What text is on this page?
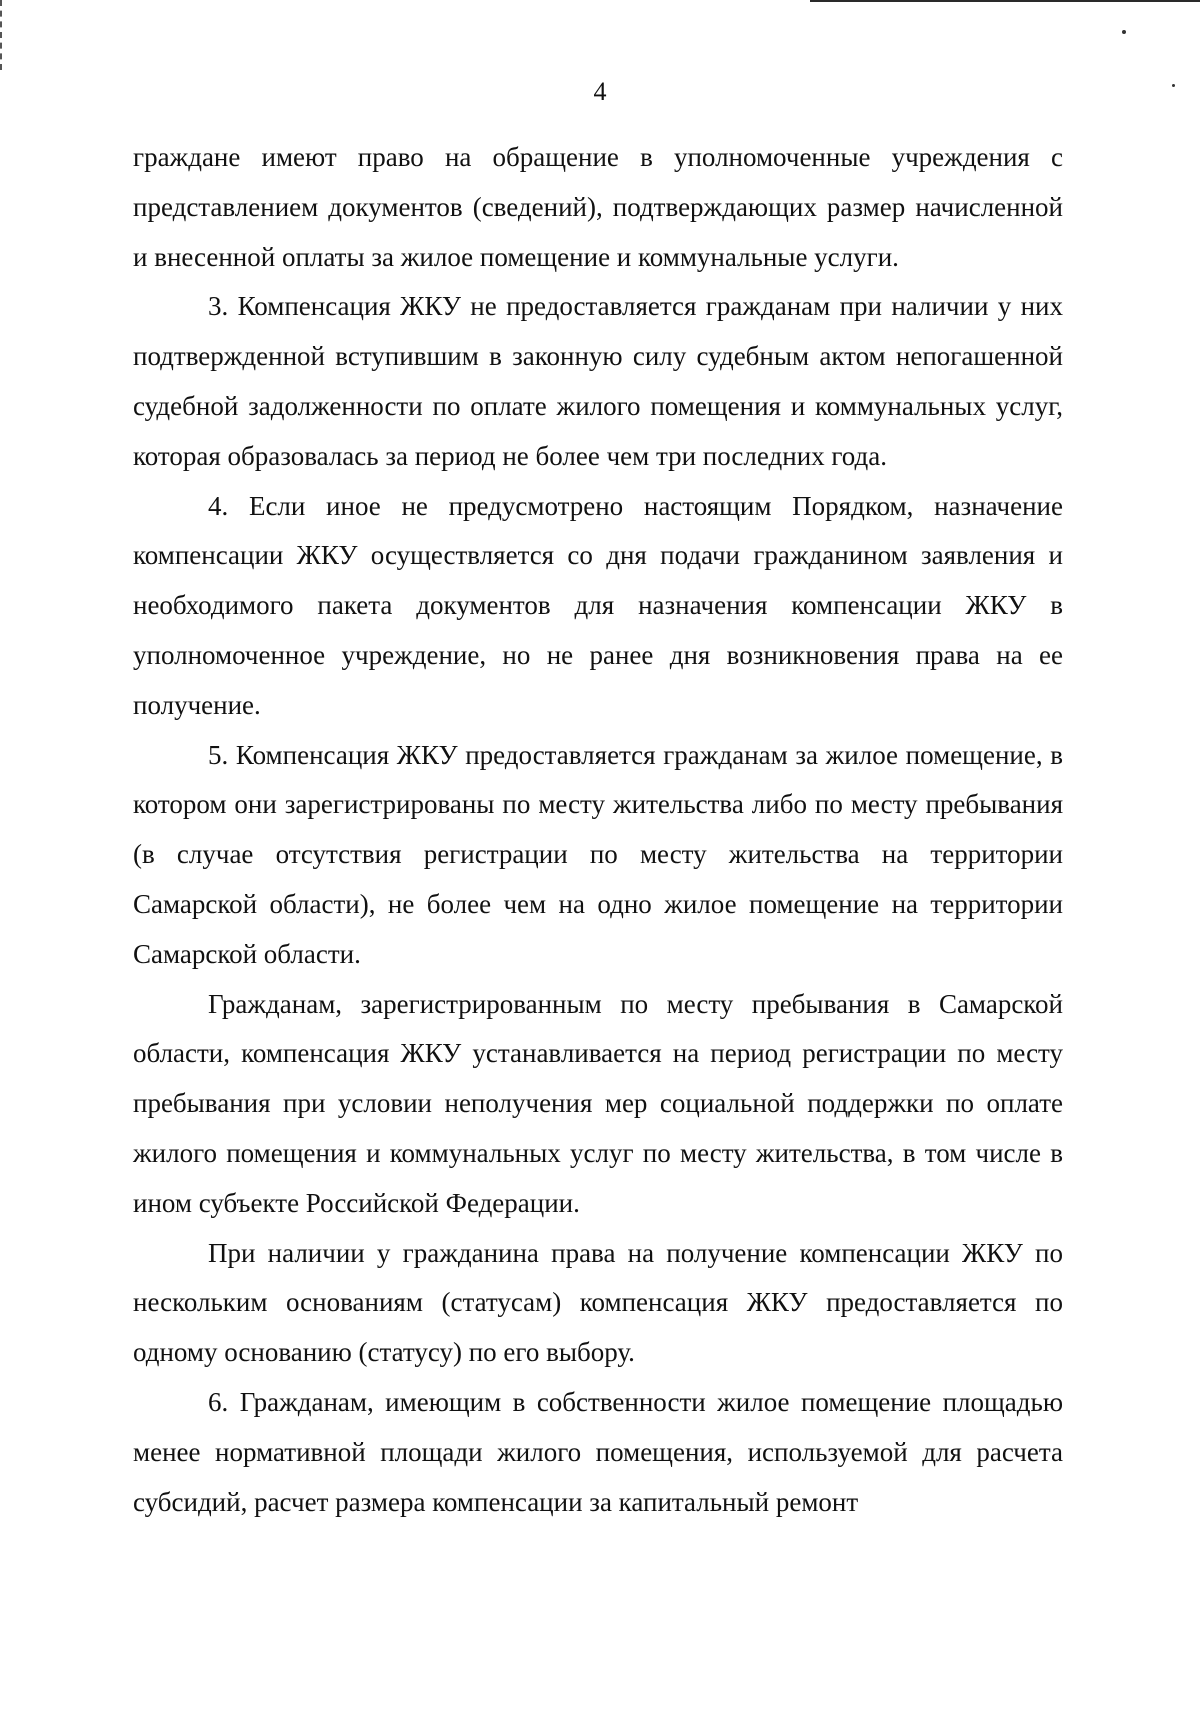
4

граждане имеют право на обращение в уполномоченные учреждения с представлением документов (сведений), подтверждающих размер начисленной и внесенной оплаты за жилое помещение и коммунальные услуги.

3. Компенсация ЖКУ не предоставляется гражданам при наличии у них подтвержденной вступившим в законную силу судебным актом непогашенной судебной задолженности по оплате жилого помещения и коммунальных услуг, которая образовалась за период не более чем три последних года.

4. Если иное не предусмотрено настоящим Порядком, назначение компенсации ЖКУ осуществляется со дня подачи гражданином заявления и необходимого пакета документов для назначения компенсации ЖКУ в уполномоченное учреждение, но не ранее дня возникновения права на ее получение.

5. Компенсация ЖКУ предоставляется гражданам за жилое помещение, в котором они зарегистрированы по месту жительства либо по месту пребывания (в случае отсутствия регистрации по месту жительства на территории Самарской области), не более чем на одно жилое помещение на территории Самарской области.

Гражданам, зарегистрированным по месту пребывания в Самарской области, компенсация ЖКУ устанавливается на период регистрации по месту пребывания при условии неполучения мер социальной поддержки по оплате жилого помещения и коммунальных услуг по месту жительства, в том числе в ином субъекте Российской Федерации.

При наличии у гражданина права на получение компенсации ЖКУ по нескольким основаниям (статусам) компенсация ЖКУ предоставляется по одному основанию (статусу) по его выбору.

6. Гражданам, имеющим в собственности жилое помещение площадью менее нормативной площади жилого помещения, используемой для расчета субсидий, расчет размера компенсации за капитальный ремонт
